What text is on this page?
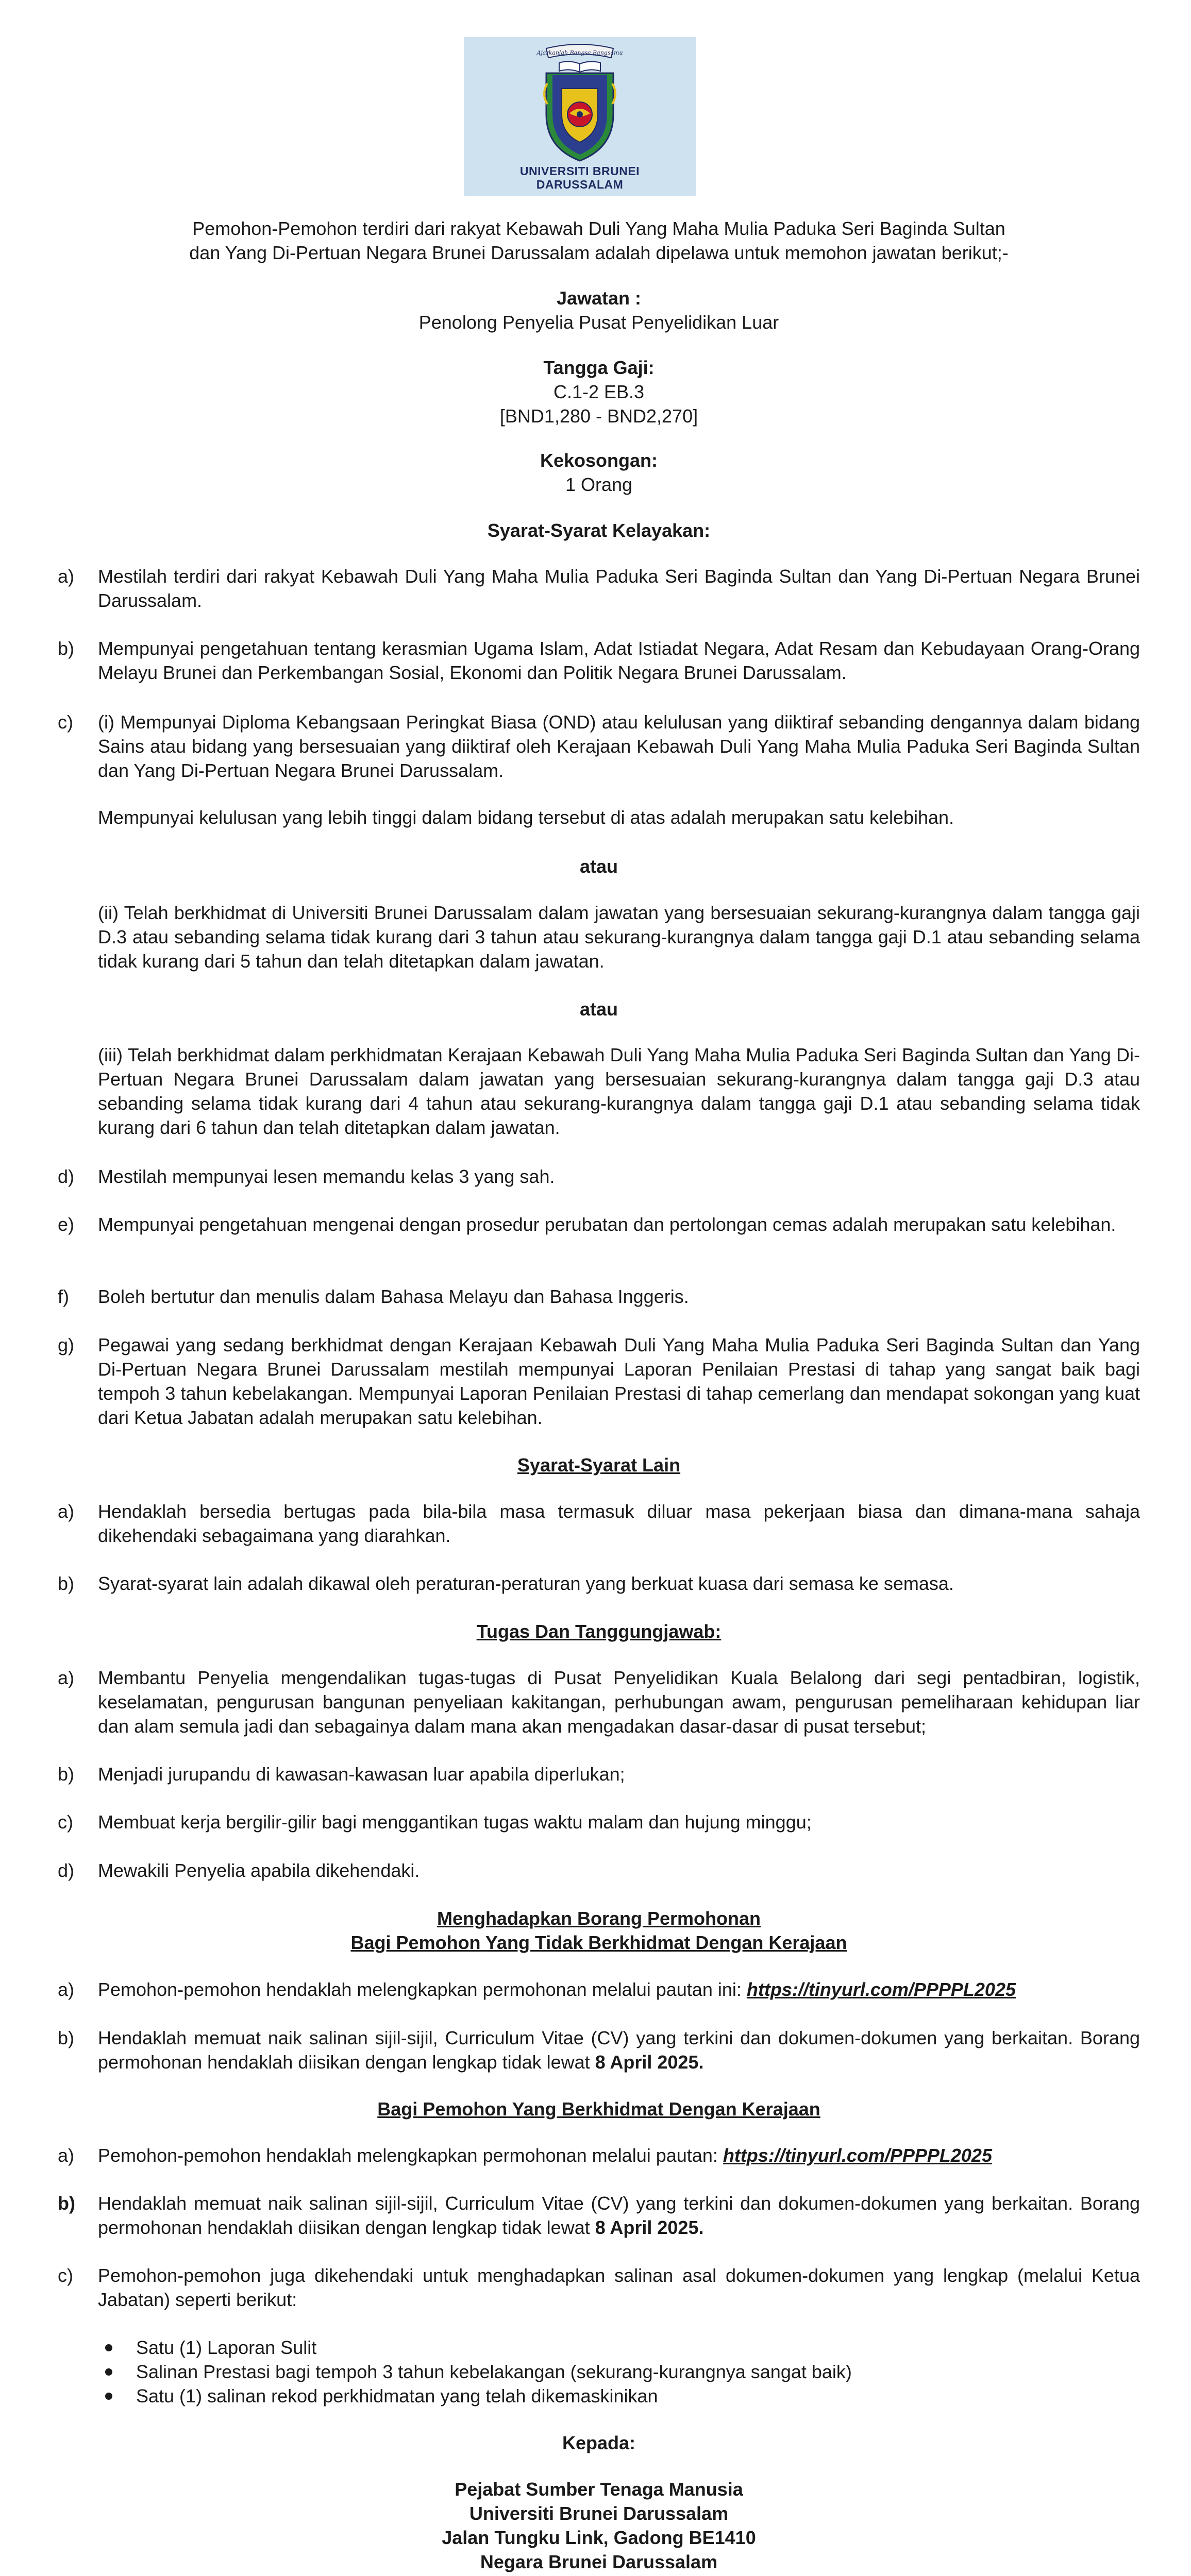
Ajarkanlah Bangsa Bangsamu
UNIVERSITI BRUNEI
DARUSSALAM
Pemohon-Pemohon terdiri dari rakyat Kebawah Duli Yang Maha Mulia Paduka Seri Baginda Sultan
dan Yang Di-Pertuan Negara Brunei Darussalam adalah dipelawa untuk memohon jawatan berikut;-
Jawatan :
Penolong Penyelia Pusat Penyelidikan Luar
Tangga Gaji:
C.1-2 EB.3
[BND1,280 - BND2,270]
Kekosongan:
1 Orang
Syarat-Syarat Kelayakan:
a)	Mestilah terdiri dari rakyat Kebawah Duli Yang Maha Mulia Paduka Seri Baginda Sultan dan Yang Di-Pertuan Negara Brunei Darussalam.
b)	Mempunyai pengetahuan tentang kerasmian Ugama Islam, Adat Istiadat Negara, Adat Resam dan Kebudayaan Orang-Orang Melayu Brunei dan Perkembangan Sosial, Ekonomi dan Politik Negara Brunei Darussalam.
c)	(i) Mempunyai Diploma Kebangsaan Peringkat Biasa (OND) atau kelulusan yang diiktiraf sebanding dengannya dalam bidang Sains atau bidang yang bersesuaian yang diiktiraf oleh Kerajaan Kebawah Duli Yang Maha Mulia Paduka Seri Baginda Sultan dan Yang Di-Pertuan Negara Brunei Darussalam.
Mempunyai kelulusan yang lebih tinggi dalam bidang tersebut di atas adalah merupakan satu kelebihan.
atau
(ii) Telah berkhidmat di Universiti Brunei Darussalam dalam jawatan yang bersesuaian sekurang-kurangnya dalam tangga gaji D.3 atau sebanding selama tidak kurang dari 3 tahun atau sekurang-kurangnya dalam tangga gaji D.1 atau sebanding selama tidak kurang dari 5 tahun dan telah ditetapkan dalam jawatan.
atau
(iii) Telah berkhidmat dalam perkhidmatan Kerajaan Kebawah Duli Yang Maha Mulia Paduka Seri Baginda Sultan dan Yang Di-Pertuan Negara Brunei Darussalam dalam jawatan yang bersesuaian sekurang-kurangnya dalam tangga gaji D.3 atau sebanding selama tidak kurang dari 4 tahun atau sekurang-kurangnya dalam tangga gaji D.1 atau sebanding selama tidak kurang dari 6 tahun dan telah ditetapkan dalam jawatan.
d)	Mestilah mempunyai lesen memandu kelas 3 yang sah.
e)	Mempunyai pengetahuan mengenai dengan prosedur perubatan dan pertolongan cemas adalah merupakan satu kelebihan.
f)	Boleh bertutur dan menulis dalam Bahasa Melayu dan Bahasa Inggeris.
g)	Pegawai yang sedang berkhidmat dengan Kerajaan Kebawah Duli Yang Maha Mulia Paduka Seri Baginda Sultan dan Yang Di-Pertuan Negara Brunei Darussalam mestilah mempunyai Laporan Penilaian Prestasi di tahap yang sangat baik bagi tempoh 3 tahun kebelakangan. Mempunyai Laporan Penilaian Prestasi di tahap cemerlang dan mendapat sokongan yang kuat dari Ketua Jabatan adalah merupakan satu kelebihan.
Syarat-Syarat Lain
a)	Hendaklah bersedia bertugas pada bila-bila masa termasuk diluar masa pekerjaan biasa dan dimana-mana sahaja dikehendaki sebagaimana yang diarahkan.
b)	Syarat-syarat lain adalah dikawal oleh peraturan-peraturan yang berkuat kuasa dari semasa ke semasa.
Tugas Dan Tanggungjawab:
a)	Membantu Penyelia mengendalikan tugas-tugas di Pusat Penyelidikan Kuala Belalong dari segi pentadbiran, logistik, keselamatan, pengurusan bangunan penyeliaan kakitangan, perhubungan awam, pengurusan pemeliharaan kehidupan liar dan alam semula jadi dan sebagainya dalam mana akan mengadakan dasar-dasar di pusat tersebut;
b)	Menjadi jurupandu di kawasan-kawasan luar apabila diperlukan;
c)	Membuat kerja bergilir-gilir bagi menggantikan tugas waktu malam dan hujung minggu;
d)	Mewakili Penyelia apabila dikehendaki.
Menghadapkan Borang Permohonan
Bagi Pemohon Yang Tidak Berkhidmat Dengan Kerajaan
a)	Pemohon-pemohon hendaklah melengkapkan permohonan melalui pautan ini: https://tinyurl.com/PPPPL2025
b)	Hendaklah memuat naik salinan sijil-sijil, Curriculum Vitae (CV) yang terkini dan dokumen-dokumen yang berkaitan. Borang permohonan hendaklah diisikan dengan lengkap tidak lewat 8 April 2025.
Bagi Pemohon Yang Berkhidmat Dengan Kerajaan
a)	Pemohon-pemohon hendaklah melengkapkan permohonan melalui pautan: https://tinyurl.com/PPPPL2025
b)	Hendaklah memuat naik salinan sijil-sijil, Curriculum Vitae (CV) yang terkini dan dokumen-dokumen yang berkaitan. Borang permohonan hendaklah diisikan dengan lengkap tidak lewat 8 April 2025.
c)	Pemohon-pemohon juga dikehendaki untuk menghadapkan salinan asal dokumen-dokumen yang lengkap (melalui Ketua Jabatan) seperti berikut:
Satu (1) Laporan Sulit
Salinan Prestasi bagi tempoh 3 tahun kebelakangan (sekurang-kurangnya sangat baik)
Satu (1) salinan rekod perkhidmatan yang telah dikemaskinikan
Kepada:
Pejabat Sumber Tenaga Manusia
Universiti Brunei Darussalam
Jalan Tungku Link, Gadong BE1410
Negara Brunei Darussalam
